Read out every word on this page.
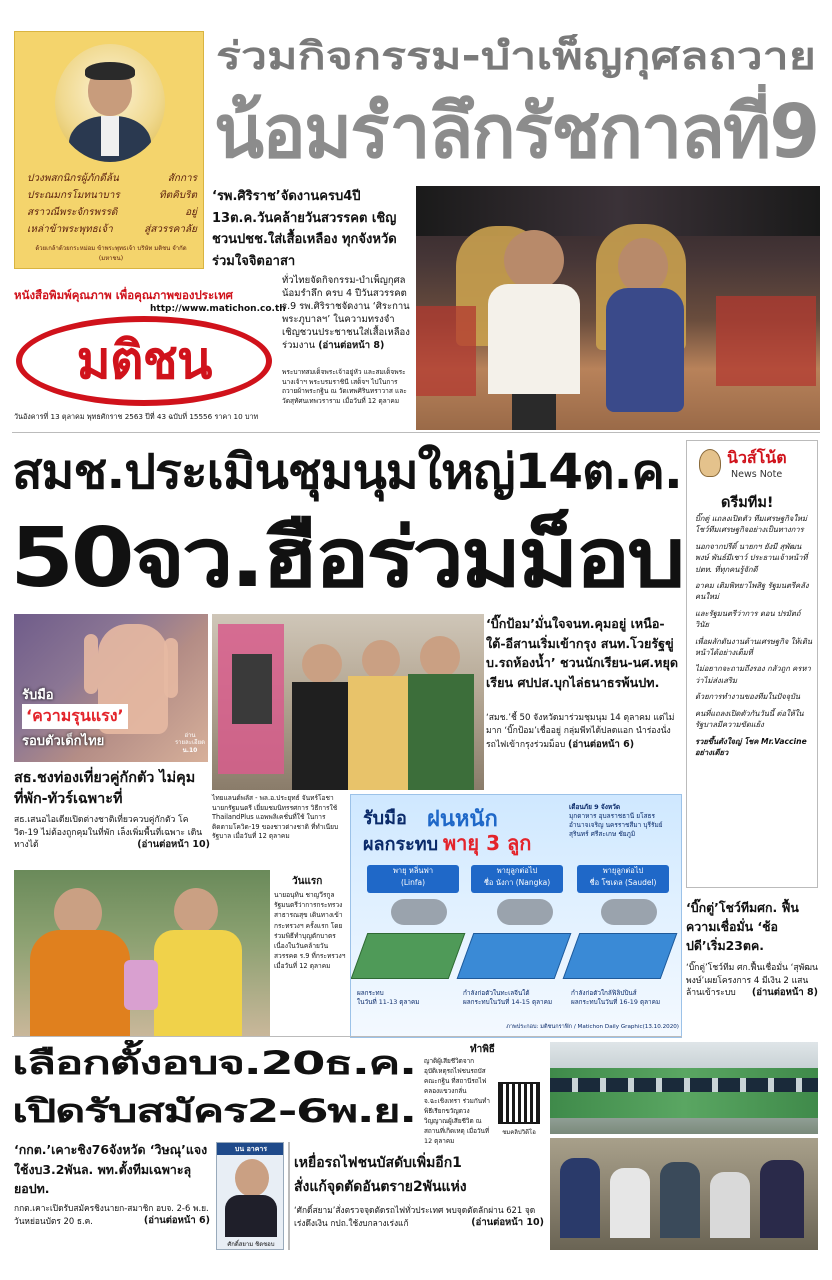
ปวงพสกนิกรผู้ภักดีล้น	สักการ
ประณมกรโมทนาบาร	ทิตคิบริต
สราวณีพระจักรพรรดิ	อยู่
เหล่าข้าพระพุทธเจ้า	สู่สวรรคาลัย
ด้วยเกล้าด้วยกระหม่อม ข้าพระพุทธเจ้า บริษัท มติชน จำกัด (มหาชน)
ร่วมกิจกรรม-บำเพ็ญกุศลถวาย
น้อมรำลึกรัชกาลที่9
หนังสือพิมพ์คุณภาพ เพื่อคุณภาพของประเทศ
http://www.matichon.co.th
มติชน
วันอังคารที่ 13 ตุลาคม พุทธศักราช 2563 ปีที่ 43 ฉบับที่ 15556 ราคา 10 บาท
‘รพ.ศิริราช’จัดงานครบ4ปี 13ต.ค.วันคล้ายวันสวรรคต เชิญชวนปชช.ใส่เสื้อเหลือง ทุกจังหวัดร่วมใจจิตอาสา
ทั่วไทยจัดกิจกรรม-บำเพ็ญกุศลน้อมรำลึก ครบ 4 ปีวันสวรรคต ร.9 รพ.ศิริราชจัดงาน ‘ศิระกาน พระภูบาลฯ’ ในความทรงจำ เชิญชวนประชาชนใส่เสื้อเหลืองร่วมงาน (อ่านต่อหน้า 8)
พระบาทสมเด็จพระเจ้าอยู่หัว และสมเด็จพระนางเจ้าฯ พระบรมราชินี เสด็จฯ ไปในการถวายผ้าพระกฐิน ณ วัดเทพศิรินทราวาส และวัดสุทัศนเทพวราราม เมื่อวันที่ 12 ตุลาคม
นิวส์โน้ต
News Note
ดรีมทีม!

บิ๊กตู่ แถลงเปิดตัว ทีมเศรษฐกิจใหม่ โชว์ทีมเศรษฐกิจอย่างเป็นทางการ

นอกจากปรีดิ์ นายกฯ ยังมี สุพัฒนพงษ์ พันธ์มีเชาว์ ประธานเจ้าหน้าที่ ปตท. ที่ทุกคนรู้จักดี

อาคม เติมพิทยาไพสิฐ รัฐมนตรีคลังคนใหม่

และรัฐมนตรีว่าการ ดอน ปรมัตถ์วินัย

เพื่อผลักดันงานด้านเศรษฐกิจ ให้เดินหน้าได้อย่างเต็มที่

ไม่อยากจะถามถึงรอง กลัวถูก ครหาว่าไม่ส่งเสริม

ด้วยการทำงานของทีมในปัจจุบัน

คนที่แถลงเปิดตัวกันวันนี้ ต่อให้ในรัฐบาลมีความขัดแย้ง

รวยขึ้นตังใจญ่ โชค Mr.Vaccine อย่างเดียว

สมช.ประเมินชุมนุมใหญ่14ต.ค.
50จว.ฮือร่วมม็อบ
รับมือ
‘ความรุนแรง’
รอบตัวเด็กไทย	อ่าน
รายละเอียด
น.10
‘บิ๊กป้อม’มั่นใจจนท.คุมอยู่ เหนือ-ใต้-อีสานเริ่มเข้ากรุง สนท.โวยรัฐขู่บ.รถห้องน้ำ’ ชวนนักเรียน-นศ.หยุดเรียน ศปปส.บุกไล่ธนาธรพ้นปท.
‘สมช.’ชี้ 50 จังหวัดมาร่วมชุมนุม 14 ตุลาคม แต่ไม่มาก ‘บิ๊กป้อม’เชื่ออยู่ กลุ่มพีทได้ปลดแอก นำร่องนั่งรถไฟเข้ากรุงร่วมม็อบ (อ่านต่อหน้า 6)
สธ.ชงท่องเที่ยวคู่กักตัว ไม่คุมที่พัก-ทัวร์เฉพาะที่
สธ.เสนอไอเดียเปิดต่างชาติเที่ยวควบคู่กักตัว โควิด-19 ไม่ต้องถูกคุมในที่พัก เล็งเพิ่มพื้นที่เฉพาะ เดินทางได้	(อ่านต่อหน้า 10)
ไทยแลนด์พลัส - พล.อ.ประยุทธ์ จันทร์โอชา นายกรัฐมนตรี เยี่ยมชมนิทรรศการ วิธีการใช้ ThailandPlus แอพพลิเคชั่นที่ใช้ ในการติดตามโควิด-19 ของชาวต่างชาติ ที่ทำเนียบรัฐบาล เมื่อวันที่ 12 ตุลาคม
รับมือ ฝนหนัก
ผลกระทบ พายุ 3 ลูก
เตือนภัย 9 จังหวัด
มุกดาหาร อุบลราชธานี ยโสธร อำนาจเจริญ นครราชสีมา บุรีรัมย์ สุรินทร์ ศรีสะเกษ ชัยภูมิ
พายุ หลิ่นฟา
(Linfa)
พายุลูกต่อไป
ชื่อ นังกา (Nangka)
พายุลูกต่อไป
ชื่อ โซเดล (Saudel)
ผลกระทบ
ในวันที่ 11-13 ตุลาคม
กำลังก่อตัวในทะเลจีนใต้
ผลกระทบในวันที่ 14-15 ตุลาคม
กำลังก่อตัวใกล้ฟิลิปปินส์
ผลกระทบในวันที่ 16-19 ตุลาคม
ภาพประกอบ: มติชนกราฟิก / Matichon Daily Graphic(13.10.2020)
วันแรก
นายอนุทิน ชาญวีรกูล รัฐมนตรีว่าการกระทรวงสาธารณสุข เดินทางเข้ากระทรวงฯ ครั้งแรก โดยร่วมพิธีทำบุญตักบาตร เนื่องในวันคล้ายวันสวรรคต ร.9 ที่กระทรวงฯ เมื่อวันที่ 12 ตุลาคม
‘บิ๊กตู่’โชว์ทีมศก. ฟื้นความเชื่อมั่น ‘ช้อปดี’เริ่ม23ตค.
‘บิ๊กตู่’โชว์ทีม ศก.ฟื้นเชื่อมั่น ‘สุพัฒนพงษ์’เผยโครงการ 4 มีเงิน 2 แสนล้านเข้าระบบ (อ่านต่อหน้า 8)
เลือกตั้งอบจ.20ธ.ค.
เปิดรับสมัคร2-6พ.ย.
‘กกต.’เคาะชิง76จังหวัด ‘วิษณุ’แจงใช้งบ3.2พันล. พท.ตั้งทีมเฉพาะลุยอปท.
กกต.เคาะเปิดรับสมัครชิงนายก-สมาชิก อบจ. 2-6 พ.ย. วันหย่อนบัตร 20 ธ.ค.	(อ่านต่อหน้า 6)
ทำพิธี
ญาติผู้เสียชีวิตจากอุบัติเหตุรถไฟชนรถบัส คณะกฐิน ที่สถานีรถไฟคลองแขวงกลั่น จ.ฉะเชิงเทรา ร่วมกันทำพิธีเรียกขวัญดวงวิญญาณผู้เสียชีวิต ณ สถานที่เกิดเหตุ เมื่อวันที่ 12 ตุลาคม
ชมคลิปวิดีโอ
บน อาคาร
ศักดิ์สยาม ชิดชอบ
เหยื่อรถไฟชนบัสดับเพิ่มอีก1
สั่งแก้จุดตัดอันตราย2พันแห่ง
‘ศักดิ์สยาม’สั่งตรวจจุดตัดรถไฟทั่วประเทศ พบจุดตัดลักผ่าน 621 จุด เร่งดึงเงิน กปถ.ใช้งบกลางเร่งแก้	(อ่านต่อหน้า 10)
